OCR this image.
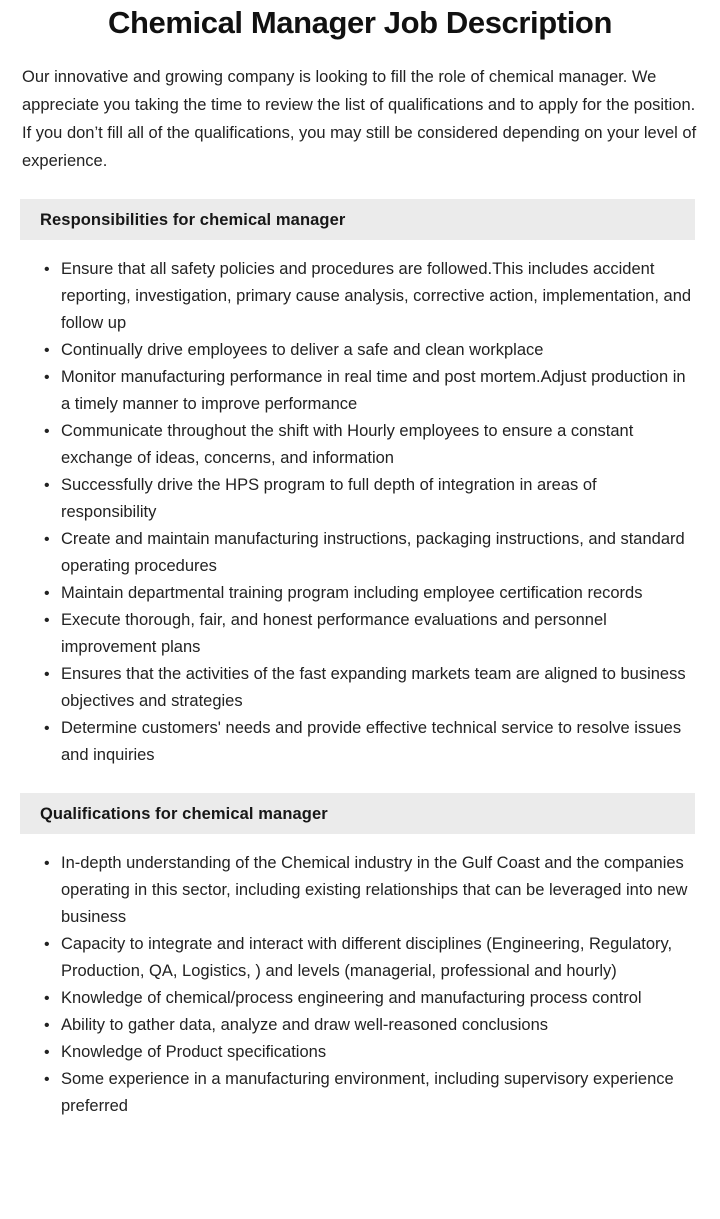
Chemical Manager Job Description

Our innovative and growing company is looking to fill the role of chemical manager. We appreciate you taking the time to review the list of qualifications and to apply for the position. If you don’t fill all of the qualifications, you may still be considered depending on your level of experience.

Responsibilities for chemical manager
• Ensure that all safety policies and procedures are followed.This includes accident reporting, investigation, primary cause analysis, corrective action, implementation, and follow up
• Continually drive employees to deliver a safe and clean workplace
• Monitor manufacturing performance in real time and post mortem.Adjust production in a timely manner to improve performance
• Communicate throughout the shift with Hourly employees to ensure a constant exchange of ideas, concerns, and information
• Successfully drive the HPS program to full depth of integration in areas of responsibility
• Create and maintain manufacturing instructions, packaging instructions, and standard operating procedures
• Maintain departmental training program including employee certification records
• Execute thorough, fair, and honest performance evaluations and personnel improvement plans
• Ensures that the activities of the fast expanding markets team are aligned to business objectives and strategies
• Determine customers' needs and provide effective technical service to resolve issues and inquiries
Qualifications for chemical manager
• In-depth understanding of the Chemical industry in the Gulf Coast and the companies operating in this sector, including existing relationships that can be leveraged into new business
• Capacity to integrate and interact with different disciplines (Engineering, Regulatory, Production, QA, Logistics, ) and levels (managerial, professional and hourly)
• Knowledge of chemical/process engineering and manufacturing process control
• Ability to gather data, analyze and draw well-reasoned conclusions
• Knowledge of Product specifications
• Some experience in a manufacturing environment, including supervisory experience preferred
